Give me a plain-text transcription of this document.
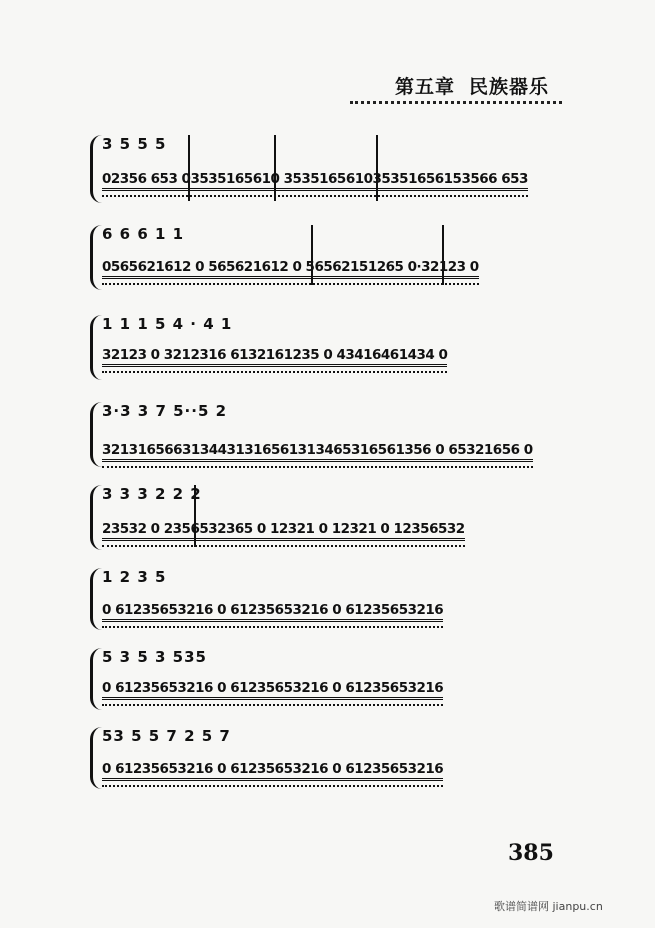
第五章 民族器乐
3 5 5 5
02356 653 03535165610 353516561035351656153566 653
6 6 6 1 1
0565621612 0 565621612 0 56562151265 0·32123 0
1 1 1 5 4 · 4 1
32123 0 3212316 6132161235 0 43416461434 0
3·3 3 7 5··5 2
3213165663134431316561313465316561356 0 65321656 0
3 3 3 2 2 2
23532 0 2356532365 0 12321 0 12321 0 12356532
1 2 3 5
0 61235653216 0 61235653216 0 61235653216
5 3 5 3 535
0 61235653216 0 61235653216 0 61235653216
53 5 5 7 2 5 7
0 61235653216 0 61235653216 0 61235653216
385
歌谱简谱网 jianpu.cn
